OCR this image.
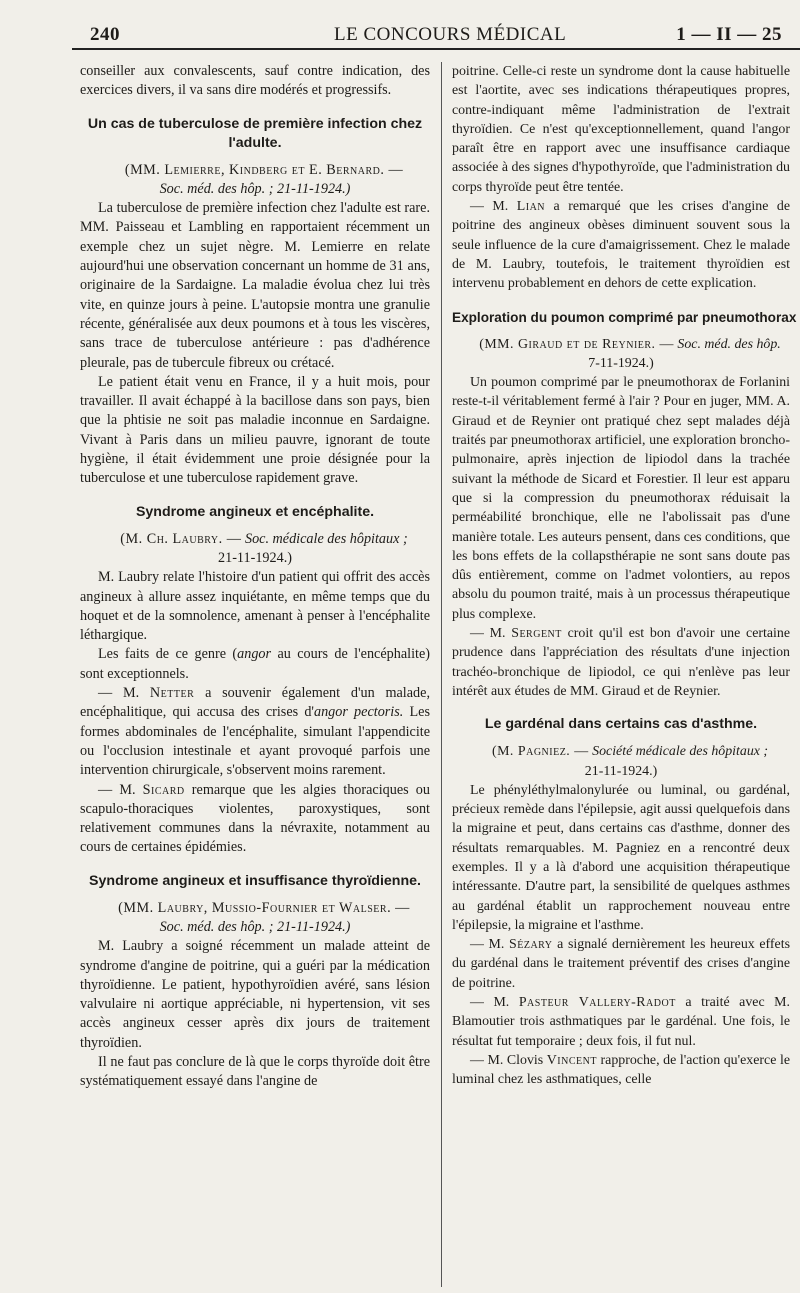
240	LE CONCOURS MÉDICAL	1 — II — 25

conseiller aux convalescents, sauf contre indication, des exercices divers, il va sans dire modérés et progressifs.

Un cas de tuberculose de première infection chez l'adulte.

(MM. Lemierre, Kindberg et E. Bernard. —
Soc. méd. des hôp. ; 21-11-1924.)

La tuberculose de première infection chez l'adulte est rare. MM. Paisseau et Lambling en rapportaient récemment un exemple chez un sujet nègre. M. Lemierre en relate aujourd'hui une observation concernant un homme de 31 ans, originaire de la Sardaigne. La maladie évolua chez lui très vite, en quinze jours à peine. L'autopsie montra une granulie récente, généralisée aux deux poumons et à tous les viscères, sans trace de tuberculose antérieure : pas d'adhérence pleurale, pas de tubercule fibreux ou crétacé.

Le patient était venu en France, il y a huit mois, pour travailler. Il avait échappé à la bacillose dans son pays, bien que la phtisie ne soit pas maladie inconnue en Sardaigne. Vivant à Paris dans un milieu pauvre, ignorant de toute hygiène, il était évidemment une proie désignée pour la tuberculose et une tuberculose rapidement grave.

Syndrome angineux et encéphalite.

(M. Ch. Laubry. — Soc. médicale des hôpitaux ;
21-11-1924.)

M. Laubry relate l'histoire d'un patient qui offrit des accès angineux à allure assez inquiétante, en même temps que du hoquet et de la somnolence, amenant à penser à l'encéphalite léthargique.

Les faits de ce genre (angor au cours de l'encéphalite) sont exceptionnels.

— M. Netter a souvenir également d'un malade, encéphalitique, qui accusa des crises d'angor pectoris. Les formes abdominales de l'encéphalite, simulant l'appendicite ou l'occlusion intestinale et ayant provoqué parfois une intervention chirurgicale, s'observent moins rarement.

— M. Sicard remarque que les algies thoraciques ou scapulo-thoraciques violentes, paroxystiques, sont relativement communes dans la névraxite, notamment au cours de certaines épidémies.

Syndrome angineux et insuffisance thyroïdienne.

(MM. Laubry, Mussio-Fournier et Walser. —
Soc. méd. des hôp. ; 21-11-1924.)

M. Laubry a soigné récemment un malade atteint de syndrome d'angine de poitrine, qui a guéri par la médication thyroïdienne. Le patient, hypothyroïdien avéré, sans lésion valvulaire ni aortique appréciable, ni hypertension, vit ses accès angineux cesser après dix jours de traitement thyroïdien.

Il ne faut pas conclure de là que le corps thyroïde doit être systématiquement essayé dans l'angine de

poitrine. Celle-ci reste un syndrome dont la cause habituelle est l'aortite, avec ses indications thérapeutiques propres, contre-indiquant même l'administration de l'extrait thyroïdien. Ce n'est qu'exceptionnellement, quand l'angor paraît être en rapport avec une insuffisance cardiaque associée à des signes d'hypothyroïde, que l'administration du corps thyroïde peut être tentée.

— M. Lian a remarqué que les crises d'angine de poitrine des angineux obèses diminuent souvent sous la seule influence de la cure d'amaigrissement. Chez le malade de M. Laubry, toutefois, le traitement thyroïdien est intervenu probablement en dehors de cette explication.

Exploration du poumon comprimé par pneumothorax

(MM. Giraud et de Reynier. — Soc. méd. des hôp.
7-11-1924.)

Un poumon comprimé par le pneumothorax de Forlanini reste-t-il véritablement fermé à l'air ? Pour en juger, MM. A. Giraud et de Reynier ont pratiqué chez sept malades déjà traités par pneumothorax artificiel, une exploration broncho-pulmonaire, après injection de lipiodol dans la trachée suivant la méthode de Sicard et Forestier. Il leur est apparu que si la compression du pneumothorax réduisait la perméabilité bronchique, elle ne l'abolissait pas d'une manière totale. Les auteurs pensent, dans ces conditions, que les bons effets de la collapsthérapie ne sont sans doute pas dûs entièrement, comme on l'admet volontiers, au repos absolu du poumon traité, mais à un processus thérapeutique plus complexe.

— M. Sergent croit qu'il est bon d'avoir une certaine prudence dans l'appréciation des résultats d'une injection trachéo-bronchique de lipiodol, ce qui n'enlève pas leur intérêt aux études de MM. Giraud et de Reynier.

Le gardénal dans certains cas d'asthme.

(M. Pagniez. — Société médicale des hôpitaux ;
21-11-1924.)

Le phényléthylmalonylurée ou luminal, ou gardénal, précieux remède dans l'épilepsie, agit aussi quelquefois dans la migraine et peut, dans certains cas d'asthme, donner des résultats remarquables. M. Pagniez en a rencontré deux exemples. Il y a là d'abord une acquisition thérapeutique intéressante. D'autre part, la sensibilité de quelques asthmes au gardénal établit un rapprochement nouveau entre l'épilepsie, la migraine et l'asthme.

— M. Sézary a signalé dernièrement les heureux effets du gardénal dans le traitement préventif des crises d'angine de poitrine.

— M. Pasteur Vallery-Radot a traité avec M. Blamoutier trois asthmatiques par le gardénal. Une fois, le résultat fut temporaire ; deux fois, il fut nul.

— M. Clovis Vincent rapproche, de l'action qu'exerce le luminal chez les asthmatiques, celle
